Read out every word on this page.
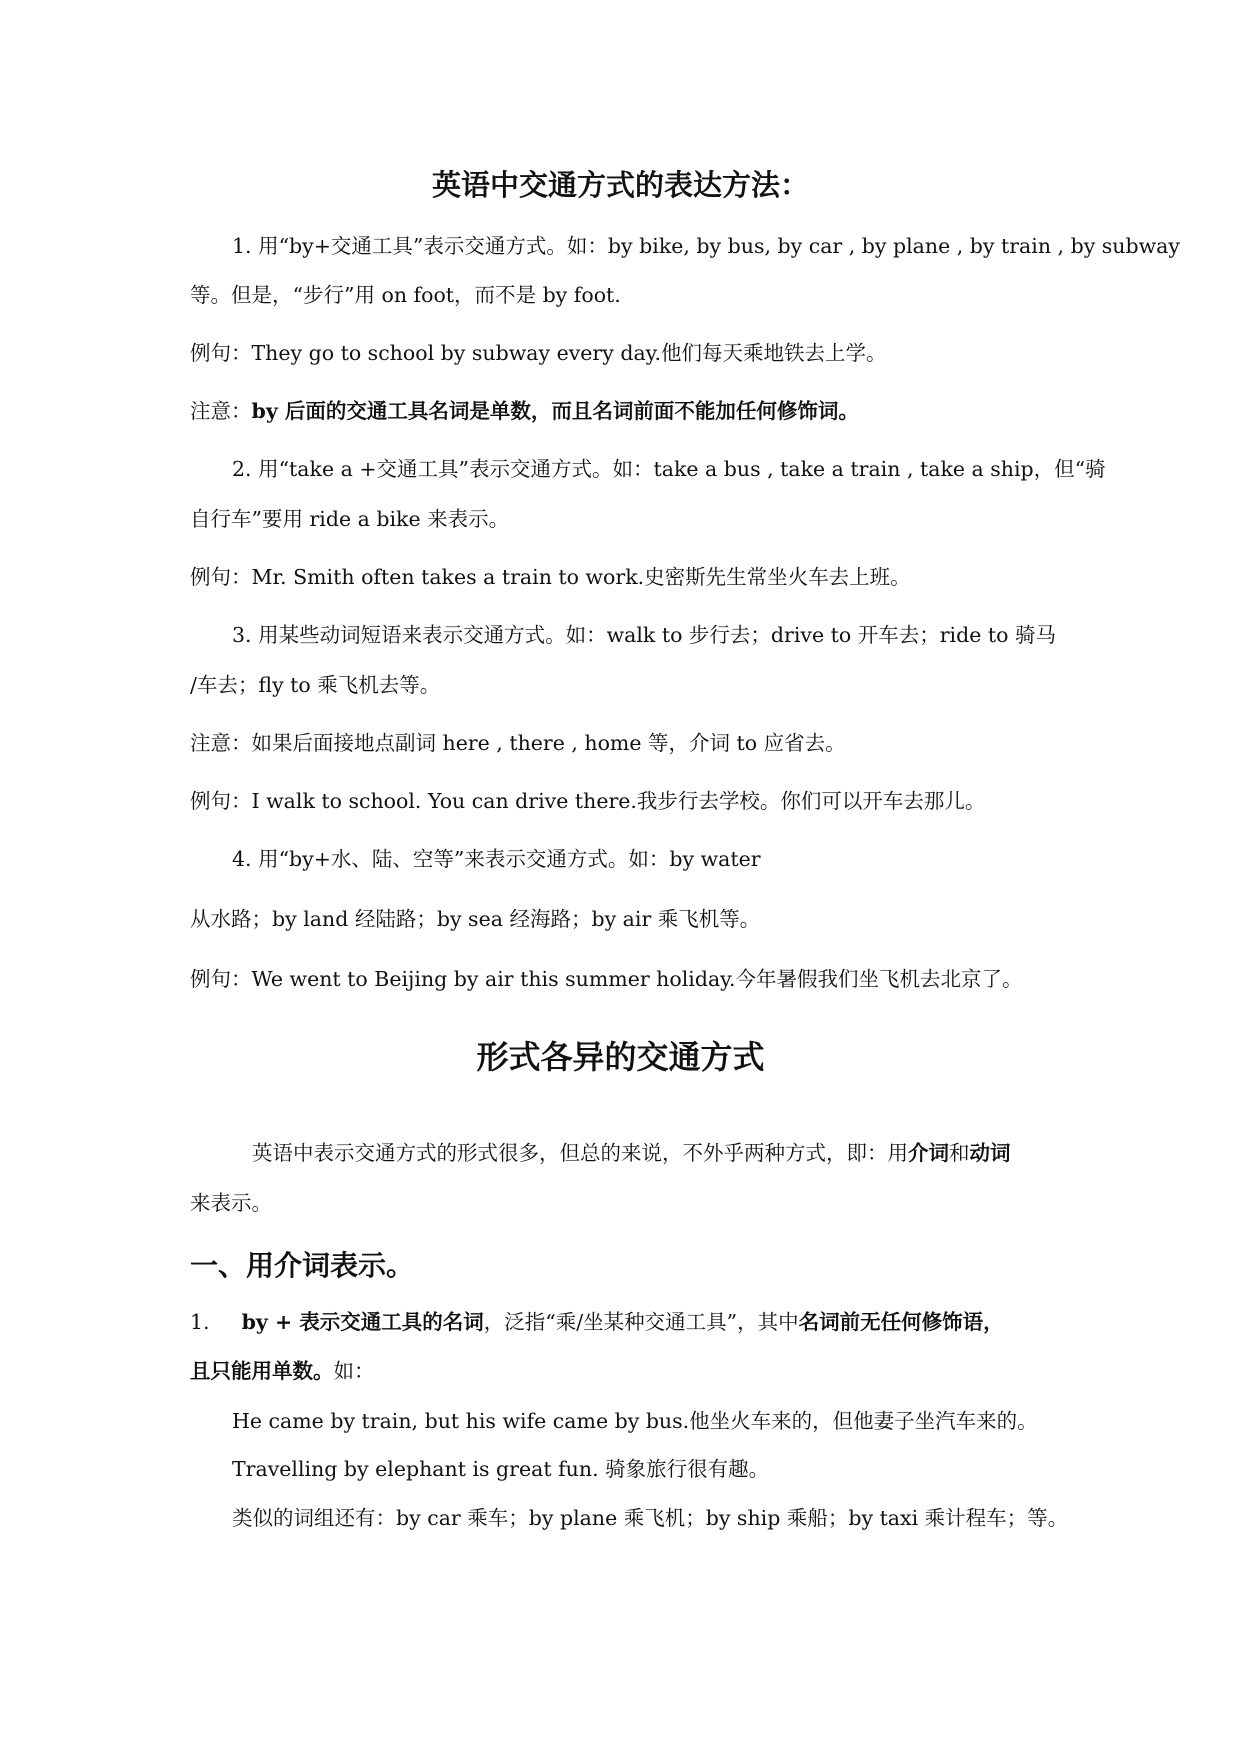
英语中交通方式的表达方法：
1. 用“by+交通工具”表示交通方式。如：by bike, by bus, by car , by plane , by train , by subway
等。但是，“步行”用 on foot，而不是 by foot.
例句：They go to school by subway every day.他们每天乘地铁去上学。
注意：by 后面的交通工具名词是单数，而且名词前面不能加任何修饰词。
2. 用“take a +交通工具”表示交通方式。如：take a bus , take a train , take a ship，但“骑
自行车”要用 ride a bike 来表示。
例句：Mr. Smith often takes a train to work.史密斯先生常坐火车去上班。
3. 用某些动词短语来表示交通方式。如：walk to 步行去；drive to 开车去；ride to 骑马
/车去；fly to 乘飞机去等。
注意：如果后面接地点副词 here , there , home 等，介词 to 应省去。
例句：I walk to school. You can drive there.我步行去学校。你们可以开车去那儿。
4. 用“by+水、陆、空等”来表示交通方式。如：by water
从水路；by land 经陆路；by sea 经海路；by air 乘飞机等。
例句：We went to Beijing by air this summer holiday.今年暑假我们坐飞机去北京了。
形式各异的交通方式
英语中表示交通方式的形式很多，但总的来说，不外乎两种方式，即：用介词和动词
来表示。
一、用介词表示。
1. by + 表示交通工具的名词，泛指“乘/坐某种交通工具”，其中名词前无任何修饰语，
且只能用单数。如：
He came by train, but his wife came by bus.他坐火车来的，但他妻子坐汽车来的。
Travelling by elephant is great fun. 骑象旅行很有趣。
类似的词组还有：by car 乘车；by plane 乘飞机；by ship 乘船；by taxi 乘计程车；等。
